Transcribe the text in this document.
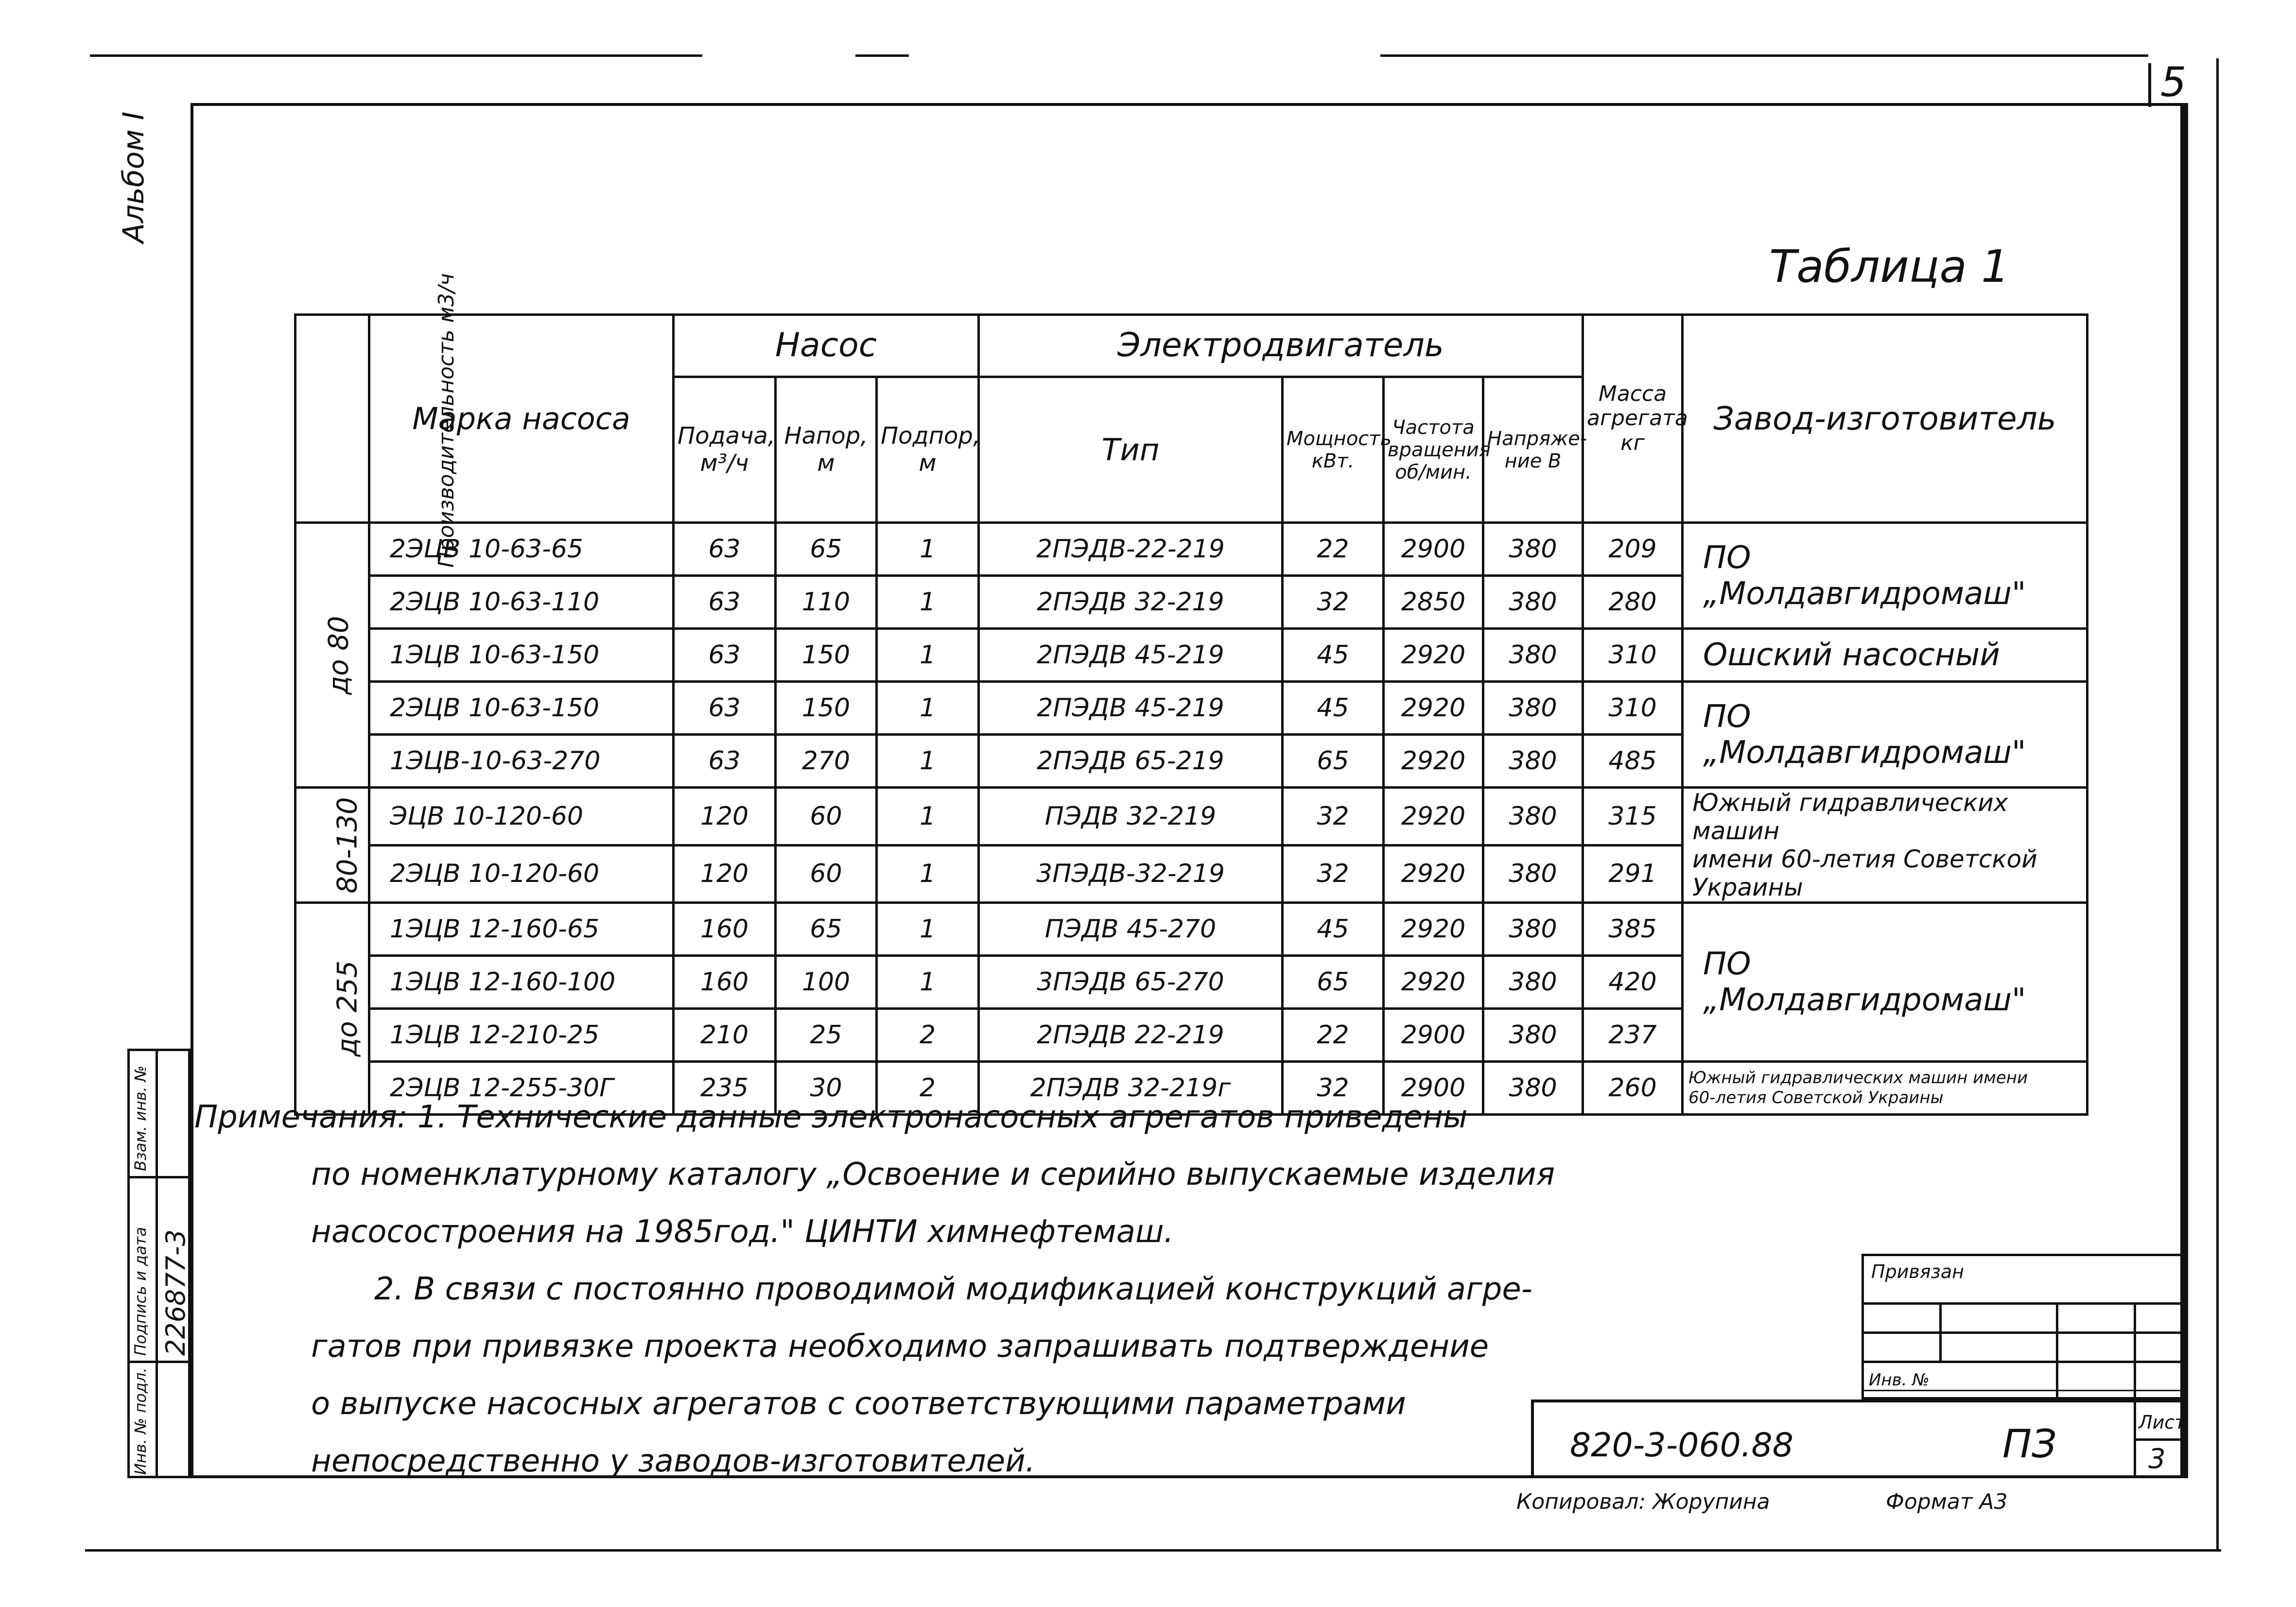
5
Альбом I
Таблица 1
Производительность м3/ч	Марка насоса	Насос			Электродвигатель				Масса агрегата кг	Завод-изготовитель
		Подача, м³/ч	Напор, м	Подпор, м	Тип	Мощность кВт.	Частота вращения об/мин.	Напряже-ние В		
до 80	2ЭЦВ 10-63-65	63	65	1	2ПЭДВ-22-219	22	2900	380	209	ПО „Молдавгидромаш"
	2ЭЦВ 10-63-110	63	110	1	2ПЭДВ 32-219	32	2850	380	280	
	1ЭЦВ 10-63-150	63	150	1	2ПЭДВ 45-219	45	2920	380	310	Ошский насосный
	2ЭЦВ 10-63-150	63	150	1	2ПЭДВ 45-219	45	2920	380	310	ПО „Молдавгидромаш"
	1ЭЦВ-10-63-270	63	270	1	2ПЭДВ 65-219	65	2920	380	485	
80-130	ЭЦВ 10-120-60	120	60	1	ПЭДВ 32-219	32	2920	380	315	Южный гидравлических машин
	2ЭЦВ 10-120-60	120	60	1	3ПЭДВ-32-219	32	2920	380	291	имени 60-летия Советской Украины
до 255	1ЭЦВ 12-160-65	160	65	1	ПЭДВ 45-270	45	2920	380	385	ПО „Молдавгидромаш"
	1ЭЦВ 12-160-100	160	100	1	3ПЭДВ 65-270	65	2920	380	420	
	1ЭЦВ 12-210-25	210	25	2	2ПЭДВ 22-219	22	2900	380	237	
	2ЭЦВ 12-255-30Г	235	30	2	2ПЭДВ 32-219г	32	2900	380	260	Южный гидравлических машин имени
60-летия Советской Украины
Примечания: 1. Технические данные электронасосных агрегатов приведены
по номенклатурному каталогу „Освоение и серийно выпускаемые изделия
насосостроения на 1985год." ЦИНТИ химнефтемаш.
2. В связи с постоянно проводимой модификацией конструкций агре-
гатов при привязке проекта необходимо запрашивать подтверждение
о выпуске насосных агрегатов с соответствующими параметрами
непосредственно у заводов-изготовителей.
Взам. инв. №
Подпись и дата
Инв. № подл.
226877-3	Привязан
Инв. №
820-3-060.88	ПЗ	Лист
3
Копировал: Жорупина	Формат А3
